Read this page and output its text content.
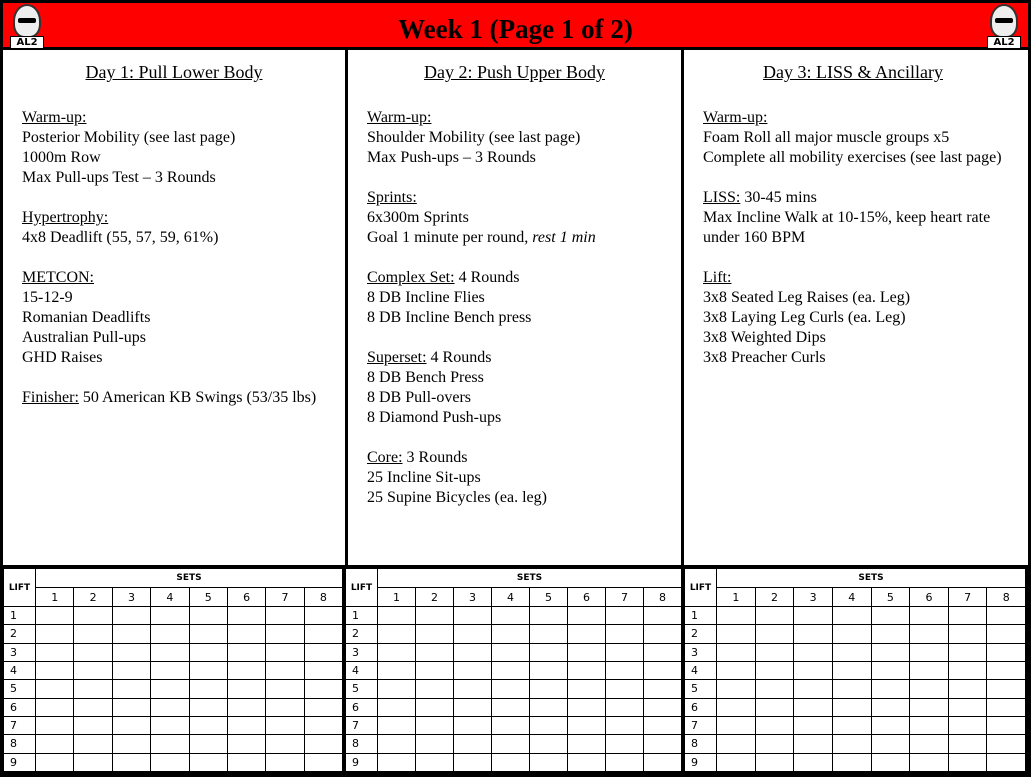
AL2	Week 1 (Page 1 of 2)	AL2
Day 1: Pull Lower Body
Warm-up:
Posterior Mobility (see last page)
1000m Row
Max Pull-ups Test – 3 Rounds
Hypertrophy:
4x8 Deadlift (55, 57, 59, 61%)
METCON:
15-12-9
Romanian Deadlifts
Australian Pull-ups
GHD Raises
Finisher: 50 American KB Swings (53/35 lbs)
Day 2: Push Upper Body
Warm-up:
Shoulder Mobility (see last page)
Max Push-ups – 3 Rounds
Sprints:
6x300m Sprints
Goal 1 minute per round, rest 1 min
Complex Set: 4 Rounds
8 DB Incline Flies
8 DB Incline Bench press
Superset: 4 Rounds
8 DB Bench Press
8 DB Pull-overs
8 Diamond Push-ups
Core: 3 Rounds
25 Incline Sit-ups
25 Supine Bicycles (ea. leg)
Day 3: LISS & Ancillary
Warm-up:
Foam Roll all major muscle groups x5
Complete all mobility exercises (see last page)
LISS: 30-45 mins
Max Incline Walk at 10-15%, keep heart rate under 160 BPM
Lift:
3x8 Seated Leg Raises (ea. Leg)
3x8 Laying Leg Curls (ea. Leg)
3x8 Weighted Dips
3x8 Preacher Curls
LIFT	SETS							
	1	2	3	4	5	6	7	8
1								
2								
3								
4								
5								
6								
7								
8								
9								
LIFT	SETS							
	1	2	3	4	5	6	7	8
1								
2								
3								
4								
5								
6								
7								
8								
9								
LIFT	SETS							
	1	2	3	4	5	6	7	8
1								
2								
3								
4								
5								
6								
7								
8								
9								
